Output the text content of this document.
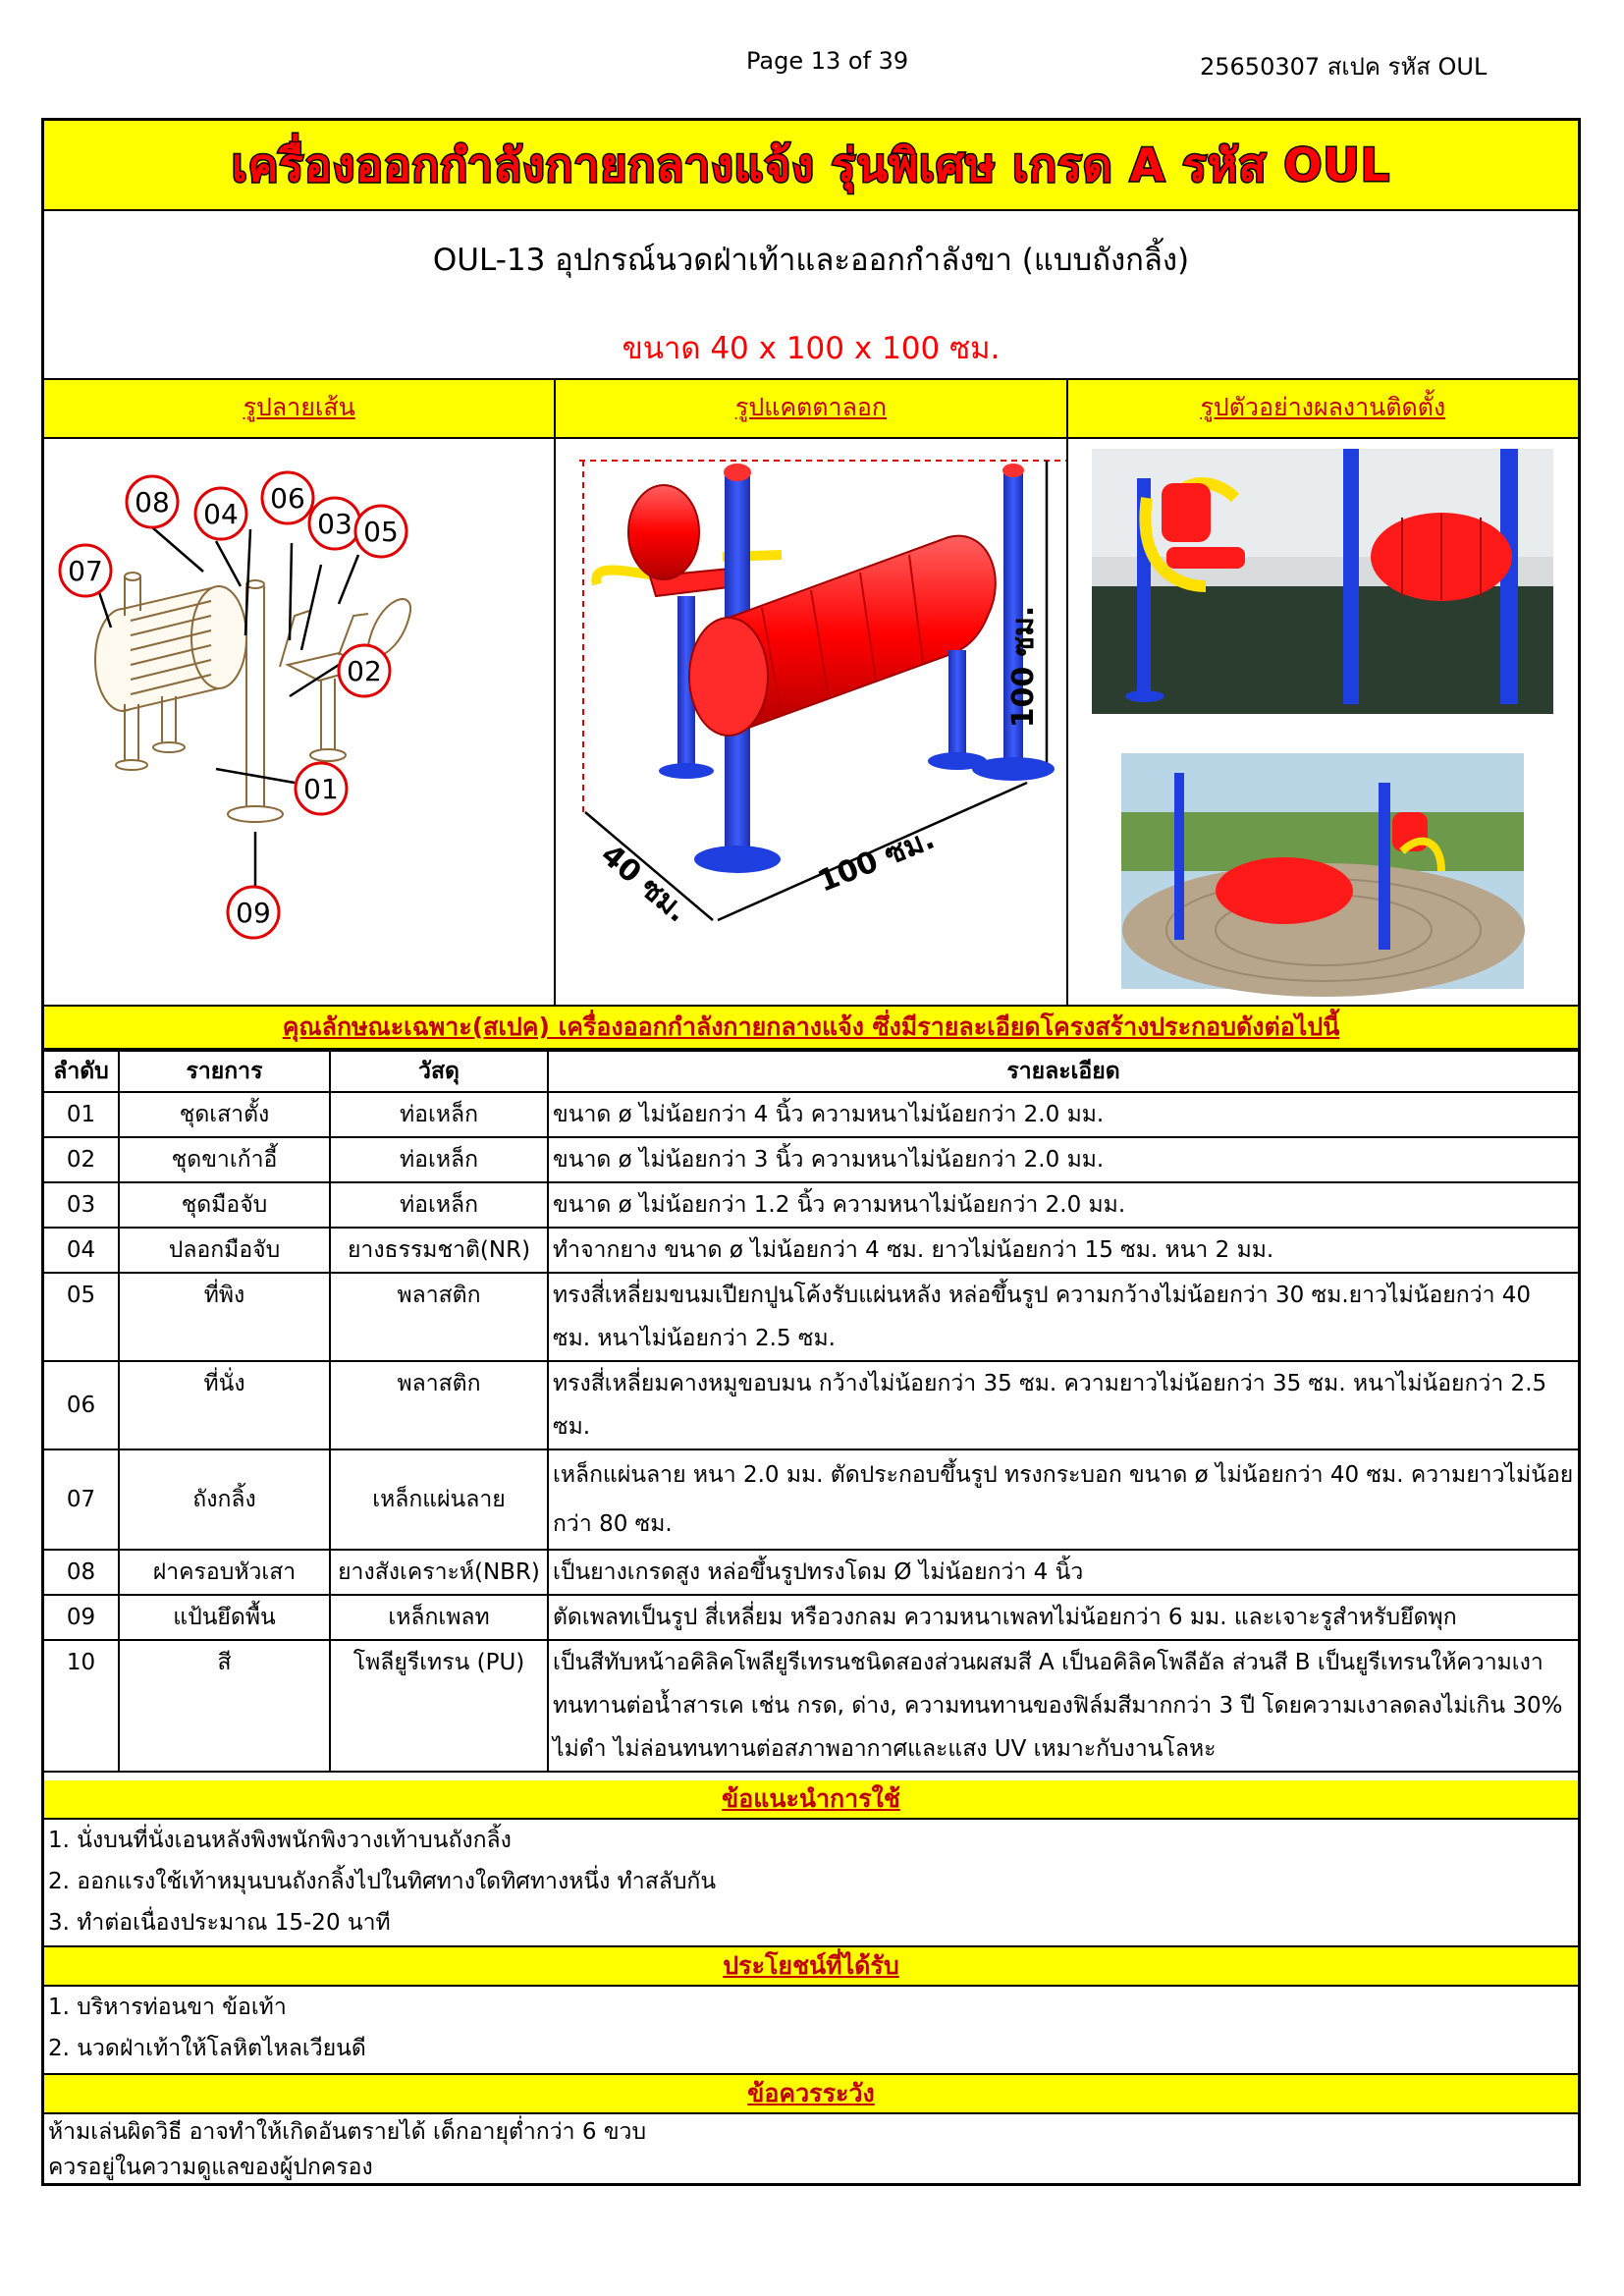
Page 13 of 39	25650307 สเปค รหัส OUL
เครื่องออกกำลังกายกลางแจ้ง รุ่นพิเศษ เกรด A รหัส OUL
OUL-13 อุปกรณ์นวดฝ่าเท้าและออกกำลังขา (แบบถังกลิ้ง)
ขนาด 40 x 100 x 100 ซม.
รูปลายเส้น	รูปแคตตาลอก	รูปตัวอย่างผลงานติดตั้ง
08 04 06
03 05
07
02
01
09
100 ซม.
100 ซม.
40 ซม.
คุณลักษณะเฉพาะ(สเปค) เครื่องออกกำลังกายกลางแจ้ง ซึ่งมีรายละเอียดโครงสร้างประกอบดังต่อไปนี้
ลำดับ	รายการ	วัสดุ	รายละเอียด
01	ชุดเสาตั้ง	ท่อเหล็ก	ขนาด ø ไม่น้อยกว่า 4 นิ้ว ความหนาไม่น้อยกว่า 2.0 มม.
02	ชุดขาเก้าอี้	ท่อเหล็ก	ขนาด ø ไม่น้อยกว่า 3 นิ้ว ความหนาไม่น้อยกว่า 2.0 มม.
03	ชุดมือจับ	ท่อเหล็ก	ขนาด ø ไม่น้อยกว่า 1.2 นิ้ว ความหนาไม่น้อยกว่า 2.0 มม.
04	ปลอกมือจับ	ยางธรรมชาติ(NR)	ทำจากยาง ขนาด ø ไม่น้อยกว่า 4 ซม. ยาวไม่น้อยกว่า 15 ซม. หนา 2 มม.
05	ที่พิง	พลาสติก	ทรงสี่เหลี่ยมขนมเปียกปูนโค้งรับแผ่นหลัง หล่อขึ้นรูป ความกว้างไม่น้อยกว่า 30 ซม.ยาวไม่น้อยกว่า 40 ซม. หนาไม่น้อยกว่า 2.5 ซม.
06	ที่นั่ง	พลาสติก	ทรงสี่เหลี่ยมคางหมูขอบมน กว้างไม่น้อยกว่า 35 ซม. ความยาวไม่น้อยกว่า 35 ซม. หนาไม่น้อยกว่า 2.5 ซม.
07	ถังกลิ้ง	เหล็กแผ่นลาย	เหล็กแผ่นลาย หนา 2.0 มม. ตัดประกอบขึ้นรูป ทรงกระบอก ขนาด ø ไม่น้อยกว่า 40 ซม. ความยาวไม่น้อยกว่า 80 ซม.
08	ฝาครอบหัวเสา	ยางสังเคราะห์(NBR)	เป็นยางเกรดสูง หล่อขึ้นรูปทรงโดม Ø ไม่น้อยกว่า 4 นิ้ว
09	แป้นยึดพื้น	เหล็กเพลท	ตัดเพลทเป็นรูป สี่เหลี่ยม หรือวงกลม ความหนาเพลทไม่น้อยกว่า 6 มม. และเจาะรูสำหรับยึดพุก
10	สี	โพลียูรีเทรน (PU)	เป็นสีทับหน้าอคิลิคโพลียูรีเทรนชนิดสองส่วนผสมสี A เป็นอคิลิคโพลีอัล ส่วนสี B เป็นยูรีเทรนให้ความเงาทนทานต่อน้ำสารเค เช่น กรด, ด่าง, ความทนทานของฟิล์มสีมากกว่า 3 ปี โดยความเงาลดลงไม่เกิน 30% ไม่ดำ ไม่ล่อนทนทานต่อสภาพอากาศและแสง UV เหมาะกับงานโลหะ
ข้อแนะนำการใช้
1. นั่งบนที่นั่งเอนหลังพิงพนักพิงวางเท้าบนถังกลิ้ง
2. ออกแรงใช้เท้าหมุนบนถังกลิ้งไปในทิศทางใดทิศทางหนึ่ง ทำสลับกัน
3. ทำต่อเนื่องประมาณ 15-20 นาที
ประโยชน์ที่ได้รับ
1. บริหารท่อนขา ข้อเท้า
2. นวดฝ่าเท้าให้โลหิตไหลเวียนดี
ข้อควรระวัง
ห้ามเล่นผิดวิธี อาจทำให้เกิดอันตรายได้ เด็กอายุต่ำกว่า 6 ขวบ
ควรอยู่ในความดูแลของผู้ปกครอง
